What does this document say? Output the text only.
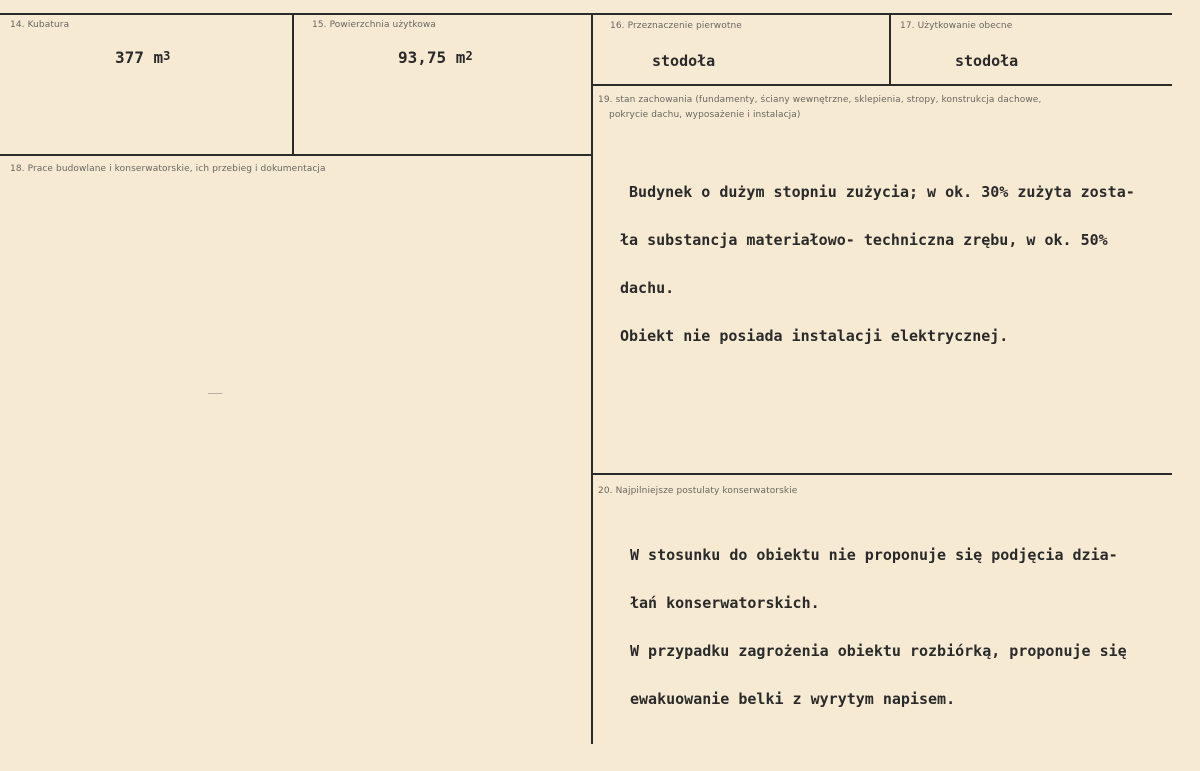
14. Kubatura
377 $m^3$
15. Powierzchnia użytkowa
93,75 $m^2$
16. Przeznaczenie pierwotne
stodoła
17. Użytkowanie obecne
stodoła
18. Prace budowlane i konserwatorskie, ich przebieg i dokumentacja
19. stan zachowania (fundamenty, ściany wewnętrzne, sklepienia, stropy, konstrukcja dachowe,
pokrycie dachu, wyposażenie i instalacja)

Budynek o dużym stopniu zużycia; w ok. 30% zużyta zosta-

ła substancja materiałowo- techniczna zrębu, w ok. 50%

dachu.

Obiekt nie posiada instalacji elektrycznej.

20. Najpilniejsze postulaty konserwatorskie

W stosunku do obiektu nie proponuje się podjęcia dzia-

łań konserwatorskich.

W przypadku zagrożenia obiektu rozbiórką, proponuje się

ewakuowanie belki z wyrytym napisem.
